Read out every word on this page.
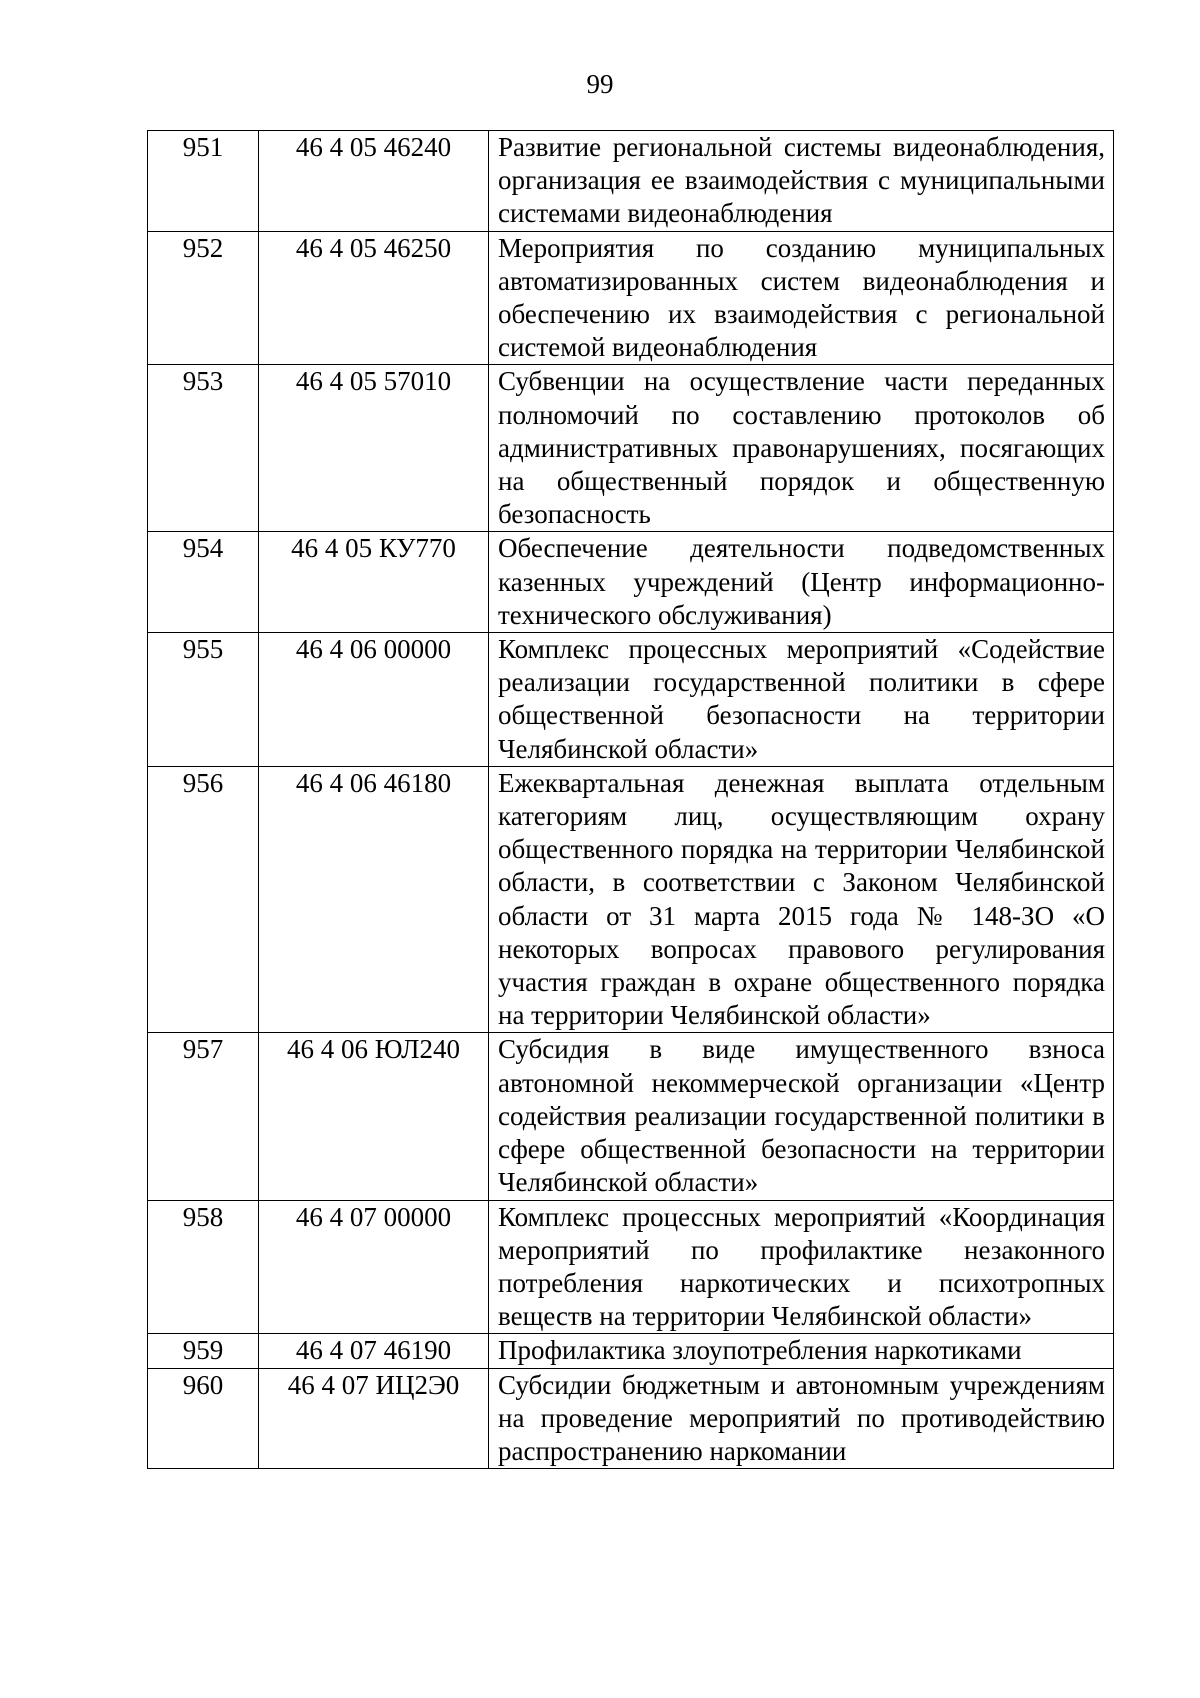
99
951	46 4 05 46240	Развитие региональной системы видеонаблюдения, организация ее взаимодействия с муниципальными системами видеонаблюдения
952	46 4 05 46250	Мероприятия по созданию муниципальных автоматизированных систем видеонаблюдения и обеспечению их взаимодействия с региональной системой видеонаблюдения
953	46 4 05 57010	Субвенции на осуществление части переданных полномочий по составлению протоколов об административных правонарушениях, посягающих на общественный порядок и общественную безопасность
954	46 4 05 КУ770	Обеспечение деятельности подведомственных казенных учреждений (Центр информационно-технического обслуживания)
955	46 4 06 00000	Комплекс процессных мероприятий «Содействие реализации государственной политики в сфере общественной безопасности на территории Челябинской области»
956	46 4 06 46180	Ежеквартальная денежная выплата отдельным категориям лиц, осуществляющим охрану общественного порядка на территории Челябинской области, в соответствии с Законом Челябинской области от 31 марта 2015 года № 148-ЗО «О некоторых вопросах правового регулирования участия граждан в охране общественного порядка на территории Челябинской области»
957	46 4 06 ЮЛ240	Субсидия в виде имущественного взноса автономной некоммерческой организации «Центр содействия реализации государственной политики в сфере общественной безопасности на территории Челябинской области»
958	46 4 07 00000	Комплекс процессных мероприятий «Координация мероприятий по профилактике незаконного потребления наркотических и психотропных веществ на территории Челябинской области»
959	46 4 07 46190	Профилактика злоупотребления наркотиками
960	46 4 07 ИЦ2Э0	Субсидии бюджетным и автономным учреждениям на проведение мероприятий по противодействию распространению наркомании
